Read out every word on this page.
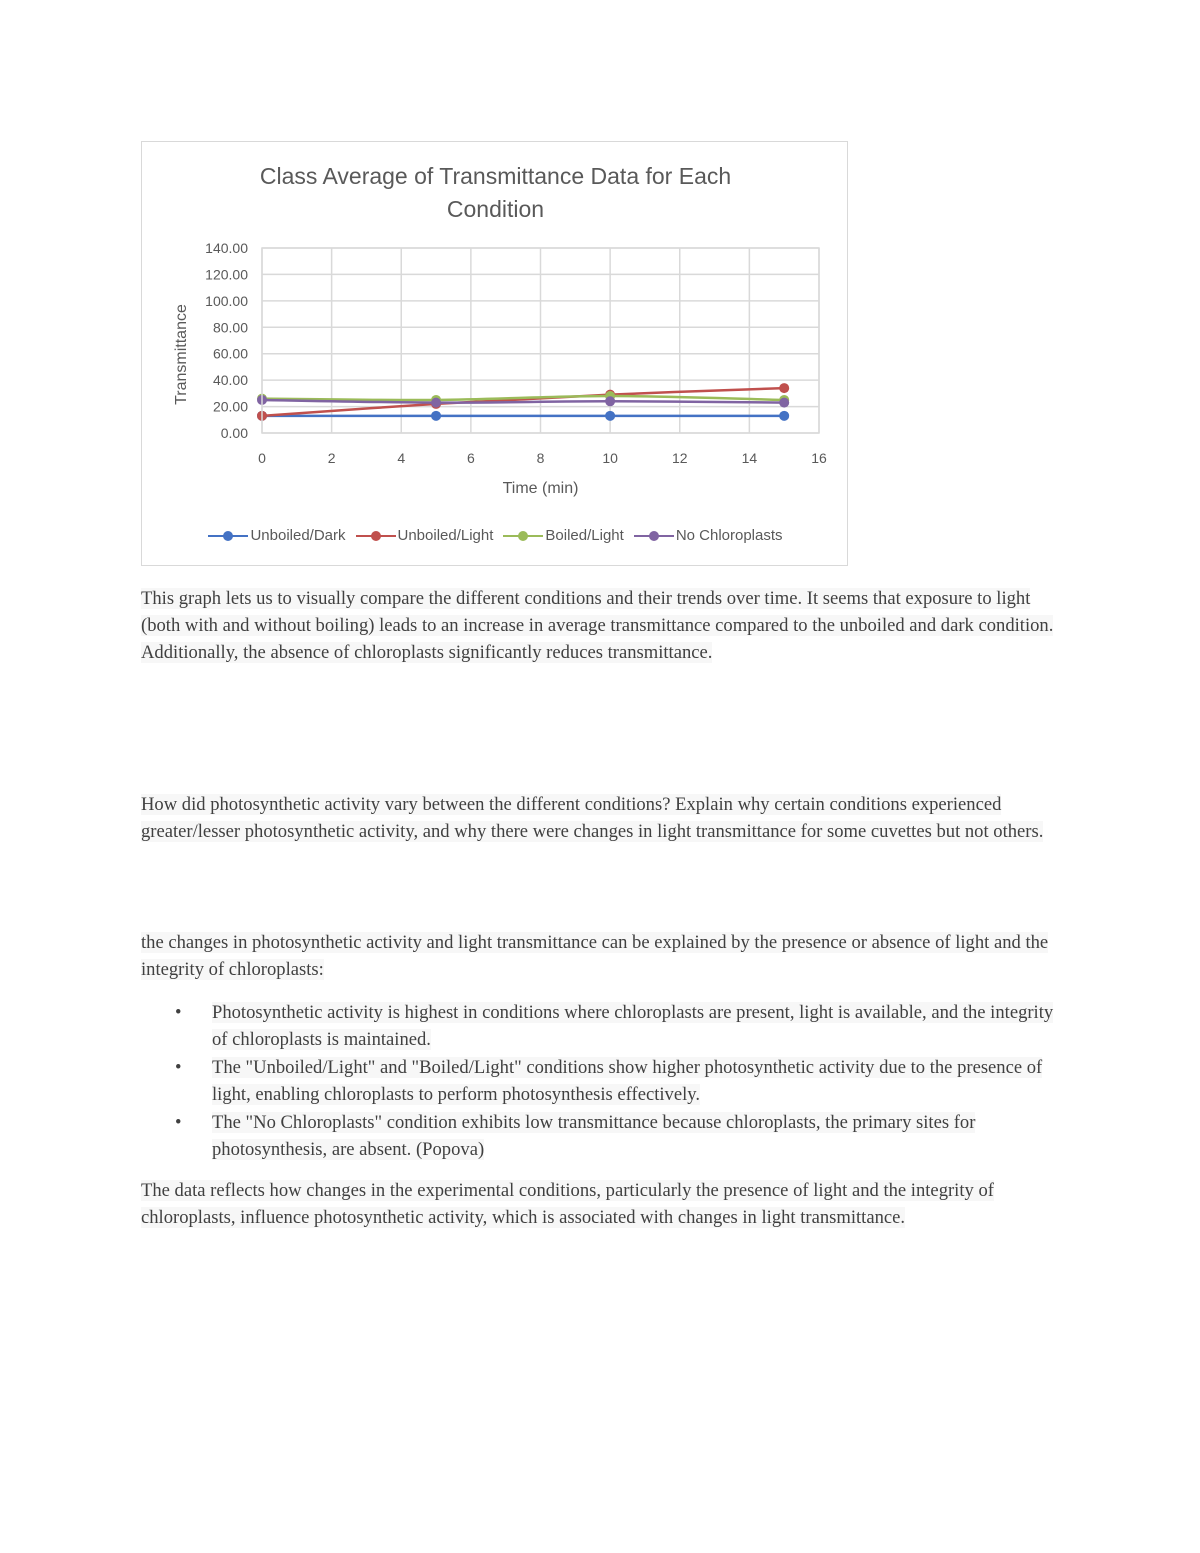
Class Average of Transmittance Data for Each
Condition
0.00
20.00
40.00
60.00
80.00
100.00
120.00
140.00
0	2	4	6	8	10	12	14	16
Time (min)
Transmittance
Unboiled/Dark	Unboiled/Light	Boiled/Light	No Chloroplasts

This graph lets us to visually compare the different conditions and their trends over time. It seems that exposure to light (both with and without boiling) leads to an increase in average transmittance compared to the unboiled and dark condition. Additionally, the absence of chloroplasts significantly reduces transmittance.

How did photosynthetic activity vary between the different conditions? Explain why certain conditions experienced greater/lesser photosynthetic activity, and why there were changes in light transmittance for some cuvettes but not others.

the changes in photosynthetic activity and light transmittance can be explained by the presence or absence of light and the integrity of chloroplasts:

• Photosynthetic activity is highest in conditions where chloroplasts are present, light is available, and the integrity of chloroplasts is maintained.
• The "Unboiled/Light" and "Boiled/Light" conditions show higher photosynthetic activity due to the presence of light, enabling chloroplasts to perform photosynthesis effectively.
• The "No Chloroplasts" condition exhibits low transmittance because chloroplasts, the primary sites for photosynthesis, are absent. (Popova)

The data reflects how changes in the experimental conditions, particularly the presence of light and the integrity of chloroplasts, influence photosynthetic activity, which is associated with changes in light transmittance.
